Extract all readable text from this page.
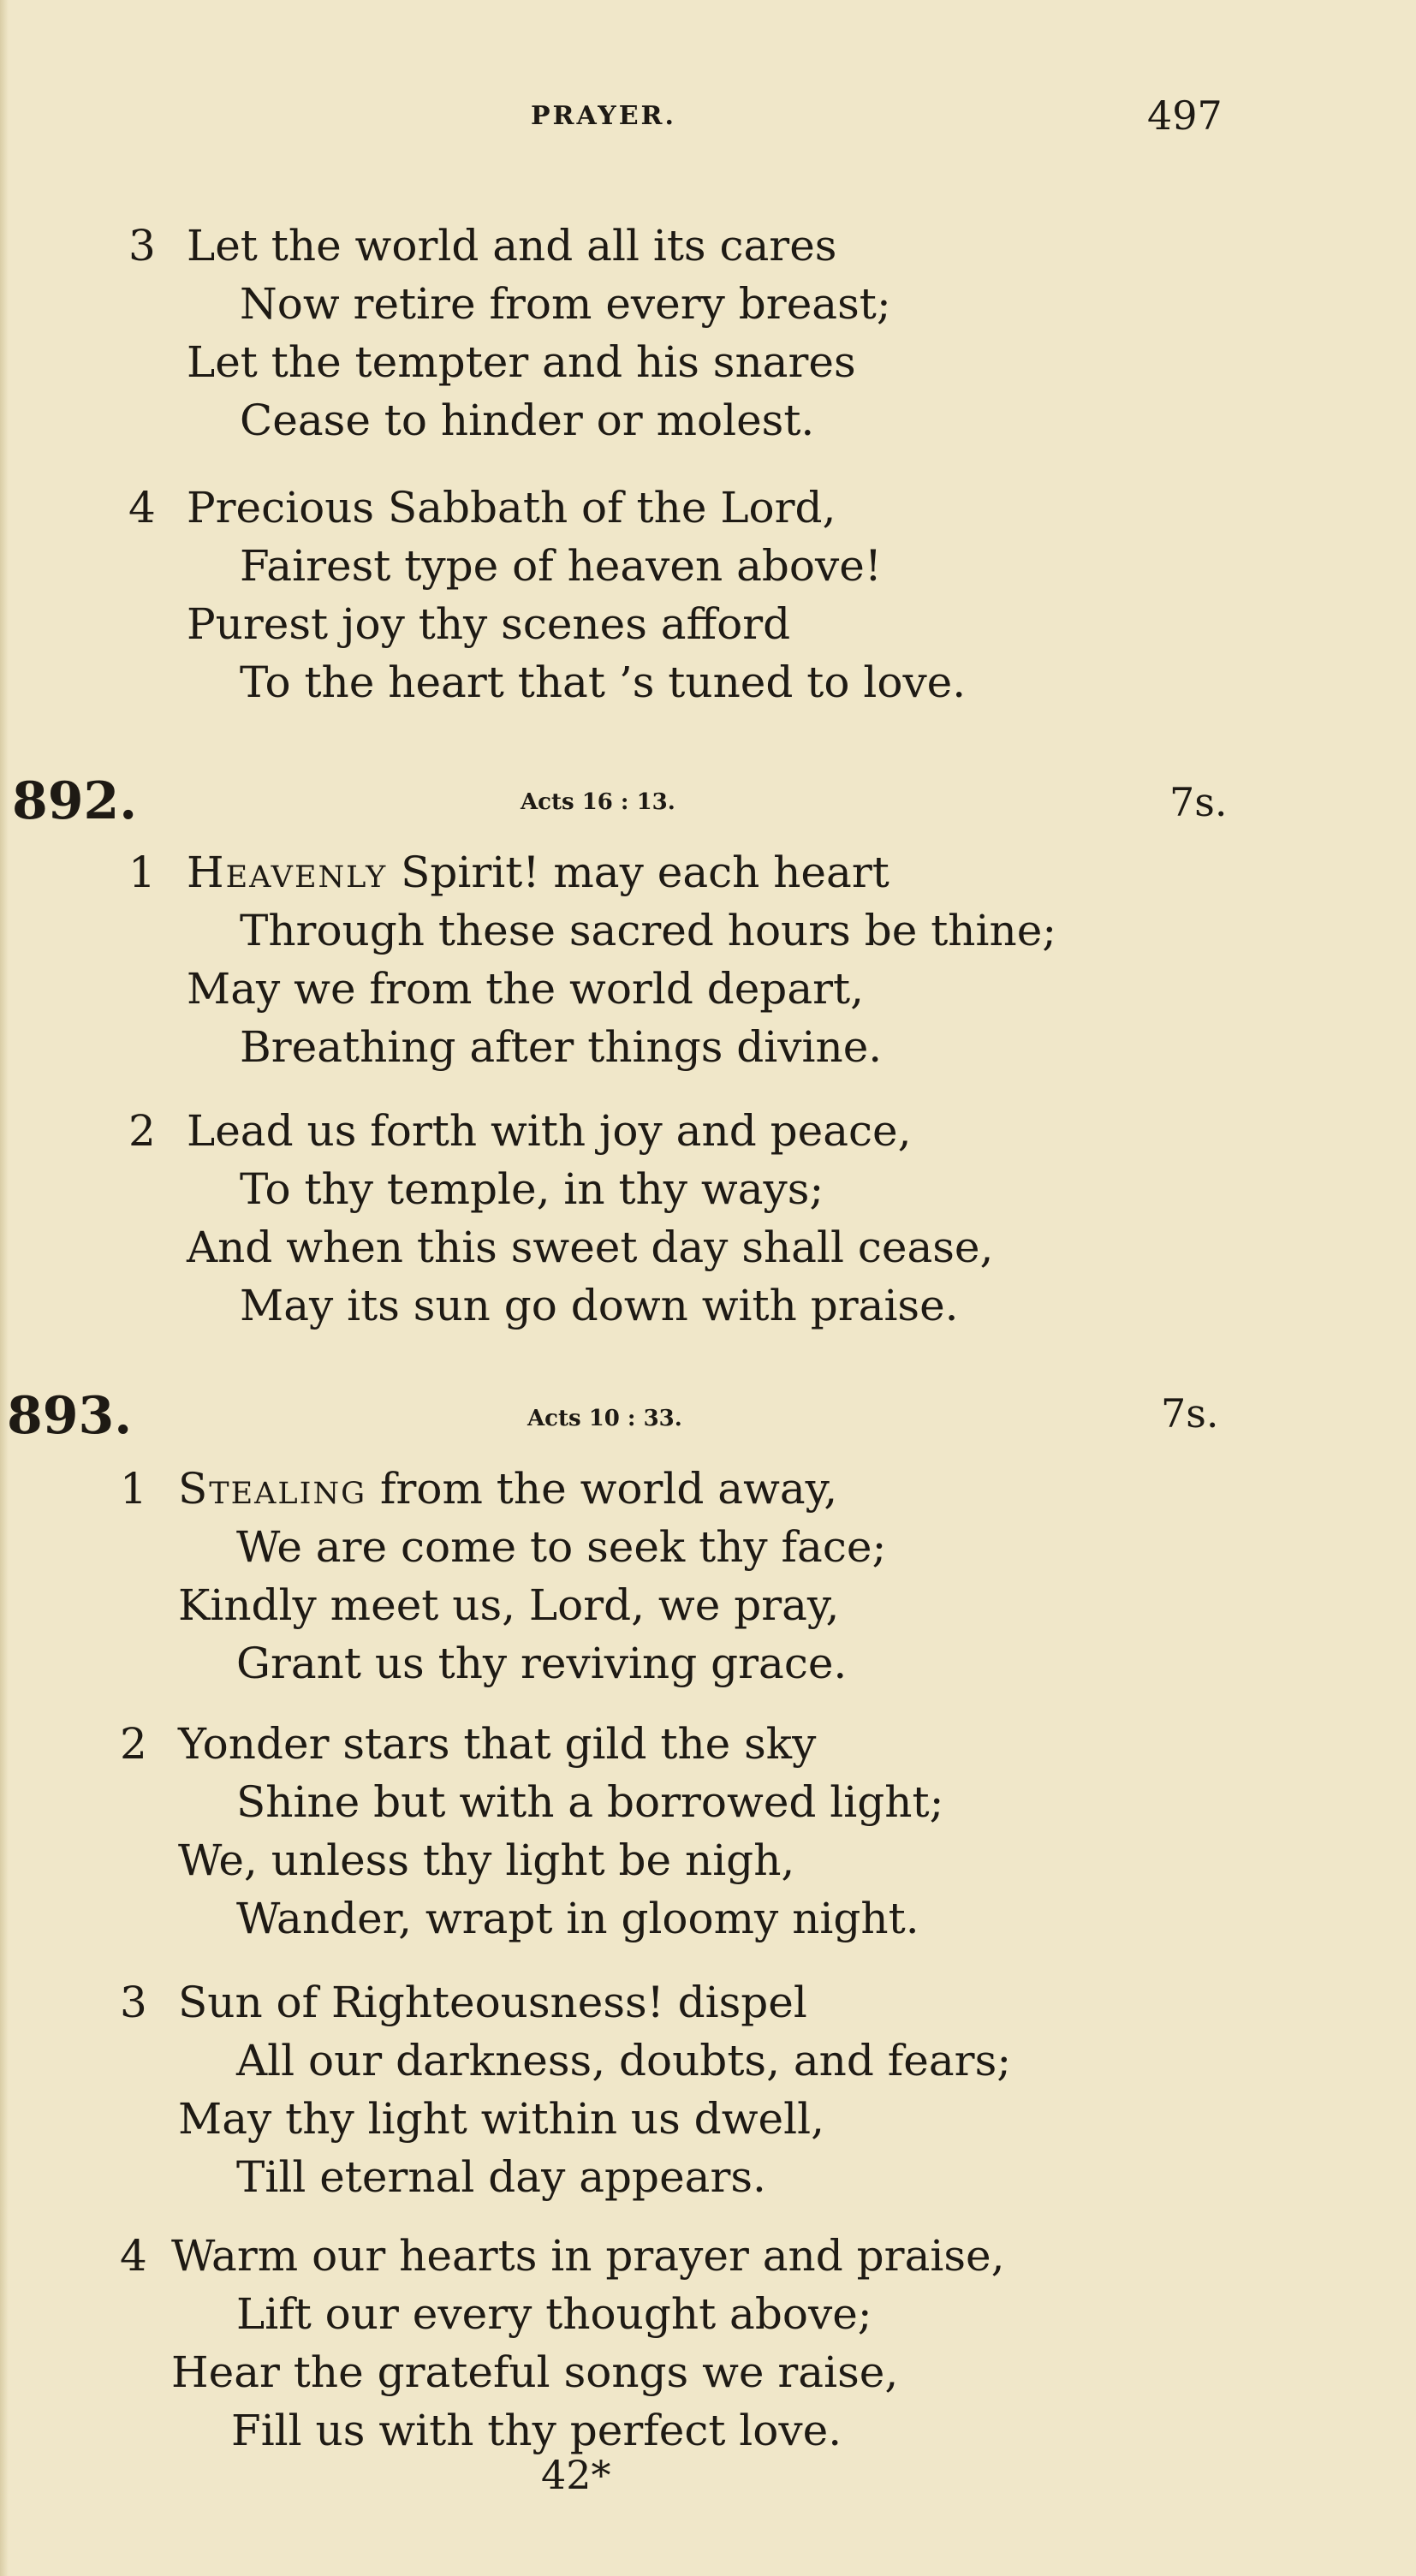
PRAYER.	497
3 Let the world and all its cares
Now retire from every breast;
Let the tempter and his snares
Cease to hinder or molest.
4 Precious Sabbath of the Lord,
Fairest type of heaven above!
Purest joy thy scenes afford
To the heart that ’s tuned to love.
892.	Acts 16 : 13.	7s.
1 Heavenly Spirit! may each heart
Through these sacred hours be thine;
May we from the world depart,
Breathing after things divine.
2 Lead us forth with joy and peace,
To thy temple, in thy ways;
And when this sweet day shall cease,
May its sun go down with praise.
893.	Acts 10 : 33.	7s.
1 Stealing from the world away,
We are come to seek thy face;
Kindly meet us, Lord, we pray,
Grant us thy reviving grace.
2 Yonder stars that gild the sky
Shine but with a borrowed light;
We, unless thy light be nigh,
Wander, wrapt in gloomy night.
3 Sun of Righteousness! dispel
All our darkness, doubts, and fears;
May thy light within us dwell,
Till eternal day appears.
4 Warm our hearts in prayer and praise,
Lift our every thought above;
Hear the grateful songs we raise,
Fill us with thy perfect love.
42*
